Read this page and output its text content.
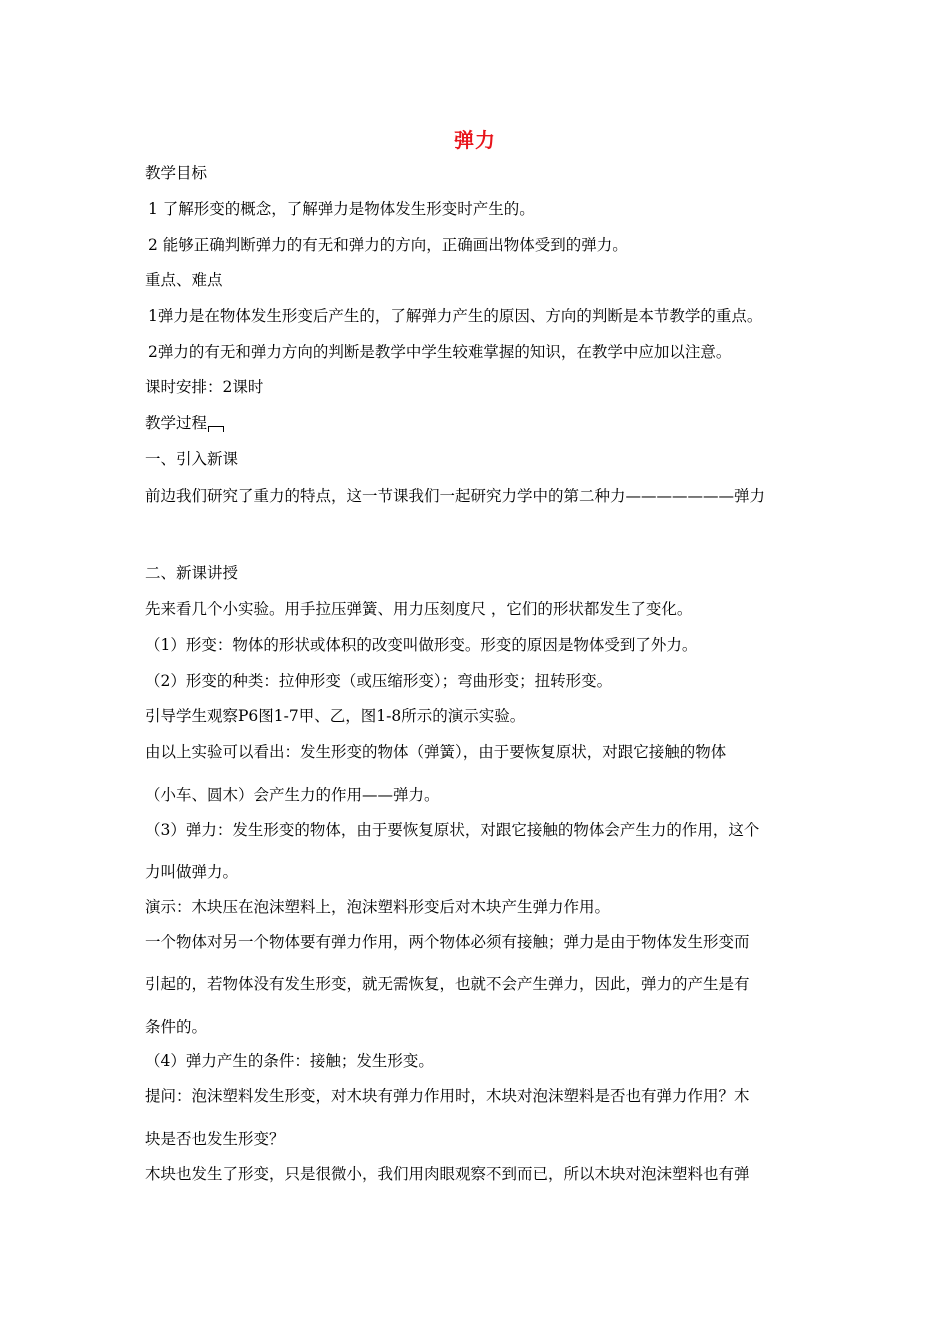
弹力
教学目标
1 了解形变的概念，了解弹力是物体发生形变时产生的。
2 能够正确判断弹力的有无和弹力的方向，正确画出物体受到的弹力。
重点、难点
1弹力是在物体发生形变后产生的，了解弹力产生的原因、方向的判断是本节教学的重点。
2弹力的有无和弹力方向的判断是教学中学生较难掌握的知识，在教学中应加以注意。
课时安排：2课时
教学过程
一、引入新课
前边我们研究了重力的特点，这一节课我们一起研究力学中的第二种力———————弹力
二、新课讲授
先来看几个小实验。用手拉压弹簧、用力压刻度尺 ，它们的形状都发生了变化。
（1）形变：物体的形状或体积的改变叫做形变。形变的原因是物体受到了外力。
（2）形变的种类：拉伸形变（或压缩形变）；弯曲形变；扭转形变。
引导学生观察P6图1-7甲、乙，图1-8所示的演示实验。
由以上实验可以看出：发生形变的物体（弹簧），由于要恢复原状，对跟它接触的物体
（小车、圆木）会产生力的作用——弹力。
（3）弹力：发生形变的物体，由于要恢复原状，对跟它接触的物体会产生力的作用，这个
力叫做弹力。
演示：木块压在泡沫塑料上，泡沫塑料形变后对木块产生弹力作用。
一个物体对另一个物体要有弹力作用，两个物体必须有接触；弹力是由于物体发生形变而
引起的，若物体没有发生形变，就无需恢复，也就不会产生弹力，因此，弹力的产生是有
条件的。
（4）弹力产生的条件：接触；发生形变。
提问：泡沫塑料发生形变，对木块有弹力作用时，木块对泡沫塑料是否也有弹力作用？木
块是否也发生形变？
木块也发生了形变，只是很微小，我们用肉眼观察不到而已，所以木块对泡沫塑料也有弹
